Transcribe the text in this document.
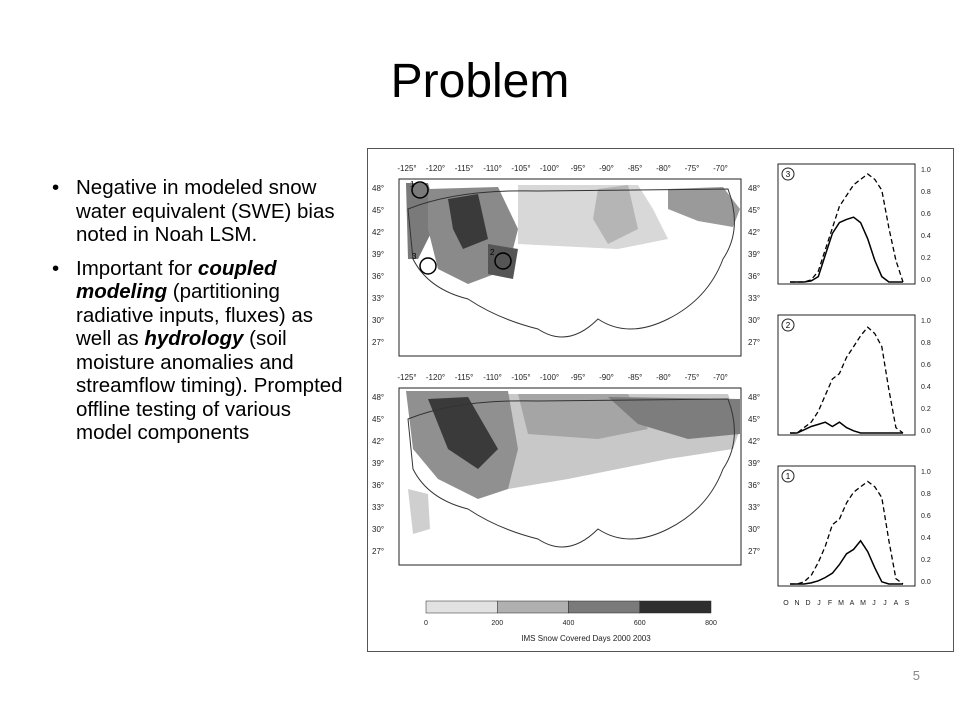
Problem
• Negative in modeled snow water equivalent (SWE) bias noted in Noah LSM.
• Important for coupled modeling (partitioning radiative inputs, fluxes) as well as hydrology (soil moisture anomalies and streamflow timing). Prompted offline testing of various model components
1
2
3
-125° -120° -115° -110° -105° -100° -95° -90° -85° -80° -75° -70°
-125° -120° -115° -110° -105° -100° -95° -90° -85° -80° -75° -70°
48°	48°
45°	45°
42°	42°
39°	39°
36°	36°
33°	33°
30°	30°
27°	27°
48°	48°
45°	45°
42°	42°
39°	39°
36°	36°
33°	33°
30°	30°
27°	27°
3	1.0
0.8
0.6
0.4
0.2
0.0
2	1.0
0.8
0.6
0.4
0.2
0.0
1	1.0
0.8
0.6
0.4
0.2
0.0
O N D J F M A M J J A S
0	200	400	600	800
IMS Snow Covered Days 2000 2003
5
